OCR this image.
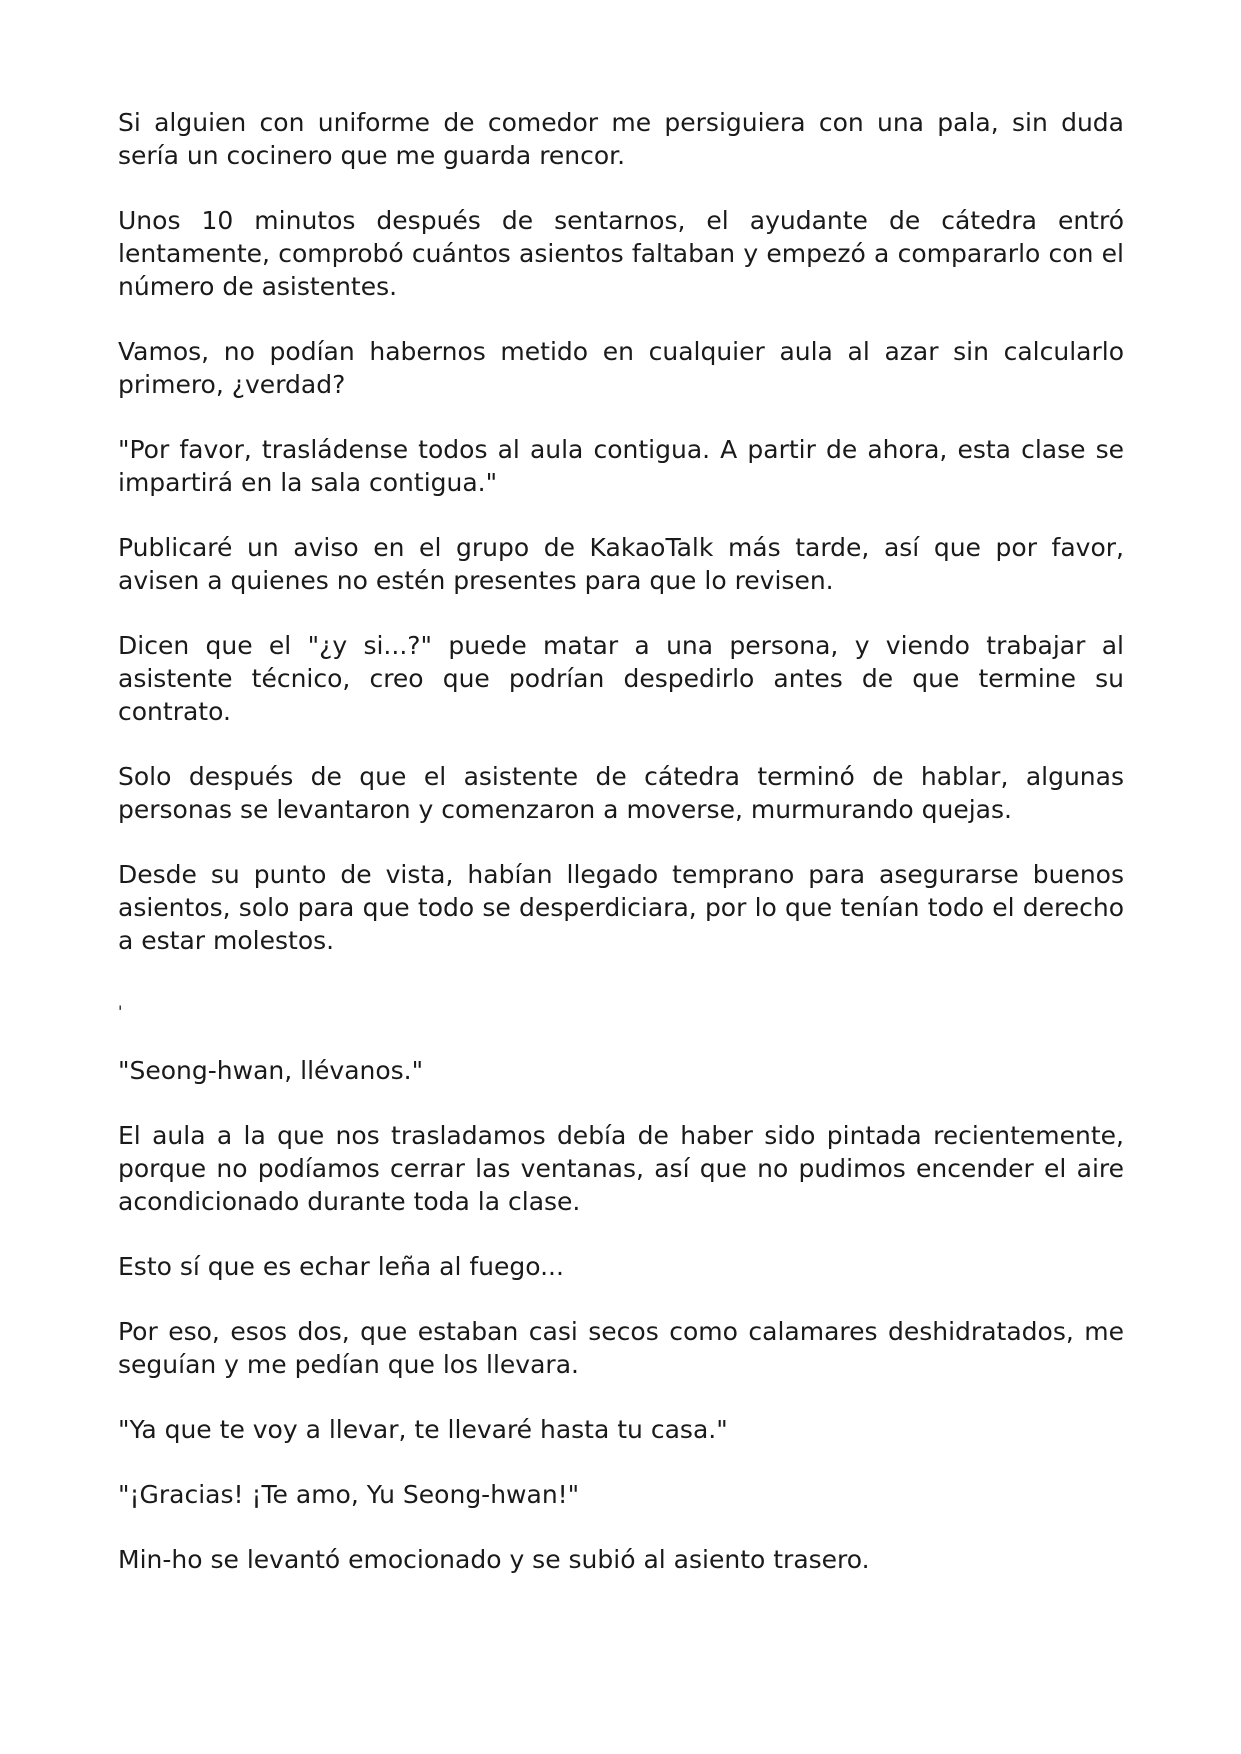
Si alguien con uniforme de comedor me persiguiera con una pala, sin duda sería un cocinero que me guarda rencor.

Unos 10 minutos después de sentarnos, el ayudante de cátedra entró lentamente, comprobó cuántos asientos faltaban y empezó a compararlo con el número de asistentes.

Vamos, no podían habernos metido en cualquier aula al azar sin calcularlo primero, ¿verdad?

"Por favor, trasládense todos al aula contigua. A partir de ahora, esta clase se impartirá en la sala contigua."

Publicaré un aviso en el grupo de KakaoTalk más tarde, así que por favor, avisen a quienes no estén presentes para que lo revisen.

Dicen que el "¿y si...?" puede matar a una persona, y viendo trabajar al asistente técnico, creo que podrían despedirlo antes de que termine su contrato.

Solo después de que el asistente de cátedra terminó de hablar, algunas personas se levantaron y comenzaron a moverse, murmurando quejas.

Desde su punto de vista, habían llegado temprano para asegurarse buenos asientos, solo para que todo se desperdiciara, por lo que tenían todo el derecho a estar molestos.

'

"Seong-hwan, llévanos."

El aula a la que nos trasladamos debía de haber sido pintada recientemente, porque no podíamos cerrar las ventanas, así que no pudimos encender el aire acondicionado durante toda la clase.

Esto sí que es echar leña al fuego...

Por eso, esos dos, que estaban casi secos como calamares deshidratados, me seguían y me pedían que los llevara.

"Ya que te voy a llevar, te llevaré hasta tu casa."

"¡Gracias! ¡Te amo, Yu Seong-hwan!"

Min-ho se levantó emocionado y se subió al asiento trasero.
